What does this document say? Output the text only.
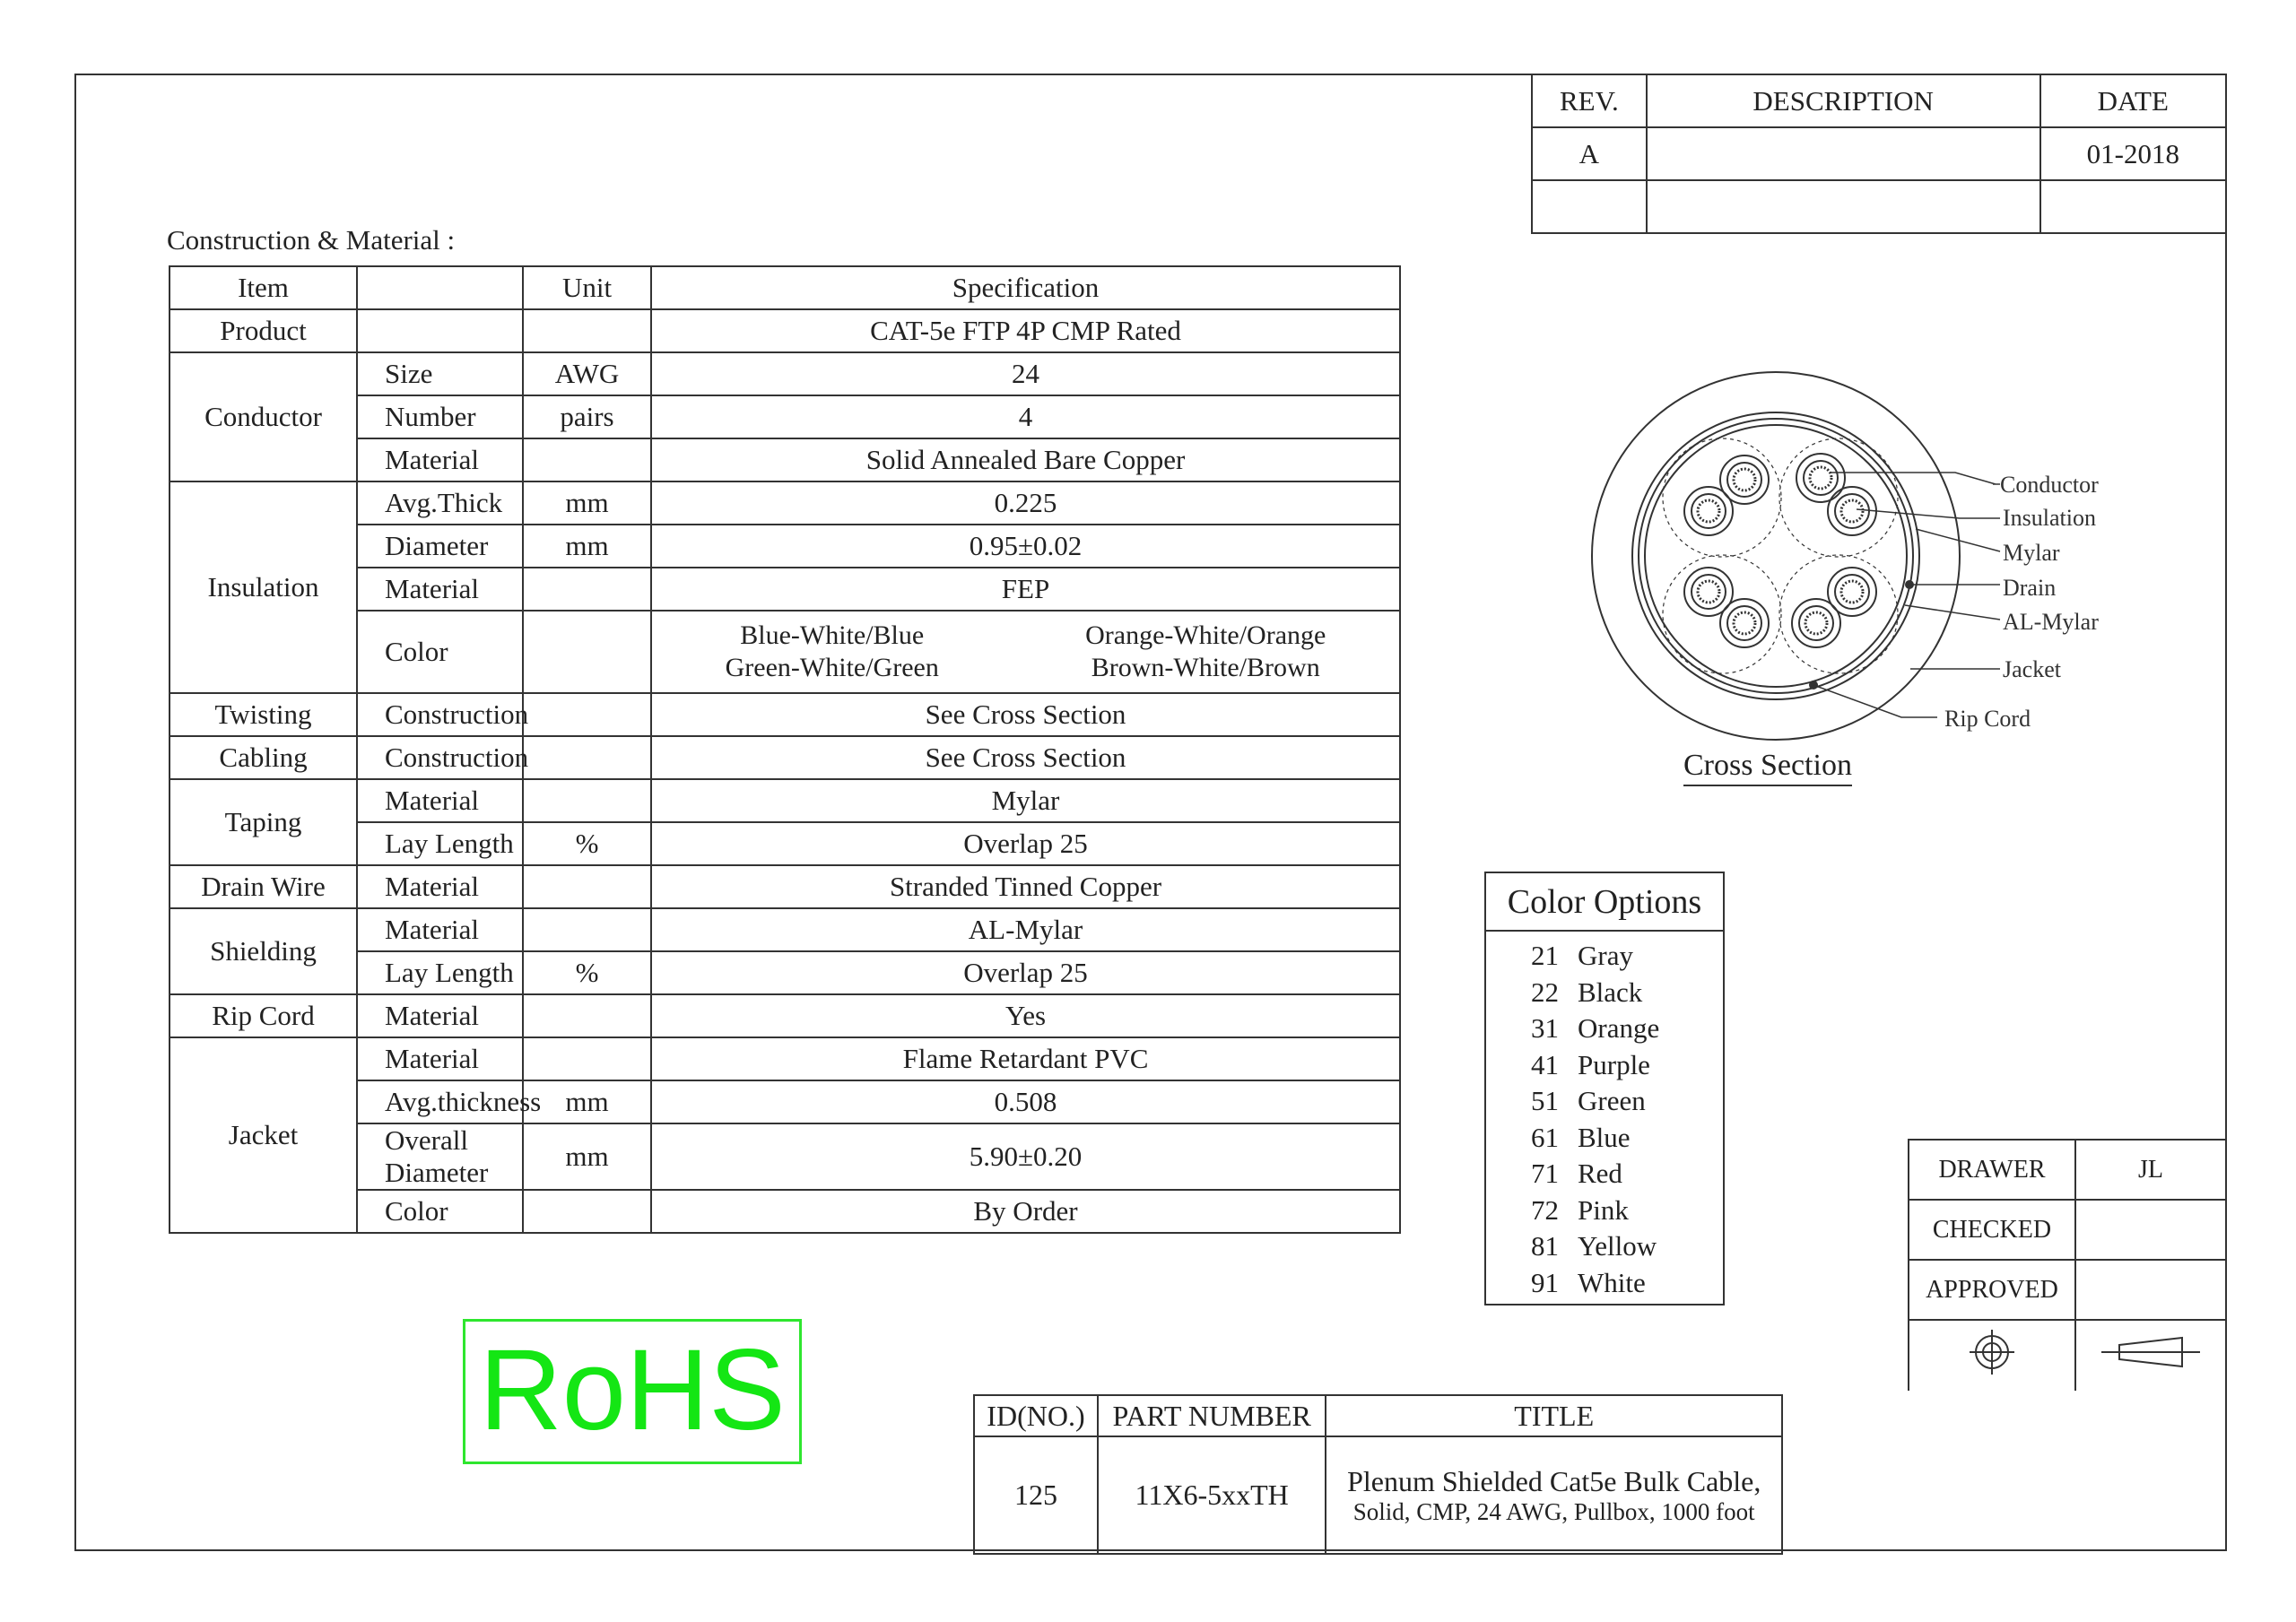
REV.	DESCRIPTION	DATE
A		01-2018

Construction & Material :
Item		Unit	Specification
Product			CAT-5e FTP 4P CMP Rated
Conductor	Size	AWG	24
	Number	pairs	4
	Material		Solid Annealed Bare Copper
Insulation	Avg.Thick	mm	0.225
	Diameter	mm	0.95±0.02
	Material		FEP
	Color		Blue-White/Blue
Green-White/Green
Orange-White/Orange
Brown-White/Brown

Twisting	Construction		See Cross Section
Cabling	Construction		See Cross Section
Taping	Material		Mylar
	Lay Length	%	Overlap 25
Drain Wire	Material		Stranded Tinned Copper
Shielding	Material		AL-Mylar
	Lay Length	%	Overlap 25
Rip Cord	Material		Yes
Jacket	Material		Flame Retardant PVC
	Avg.thickness	mm	0.508
	Overall Diameter	mm	5.90±0.20
	Color		By Order
Conductor
Insulation
Mylar
Drain
AL-Mylar
Jacket
Rip Cord
Cross Section
Color Options
21 Gray
22 Black
31 Orange
41 Purple
51 Green
61 Blue
71 Red
72 Pink
81 Yellow
91 White
DRAWER	JL
CHECKED	
APPROVED	

RoHS	ID(NO.)	PART NUMBER	TITLE
125	11X6-5xxTH	Plenum Shielded Cat5e Bulk Cable,
Solid, CMP, 24 AWG, Pullbox, 1000 foot
